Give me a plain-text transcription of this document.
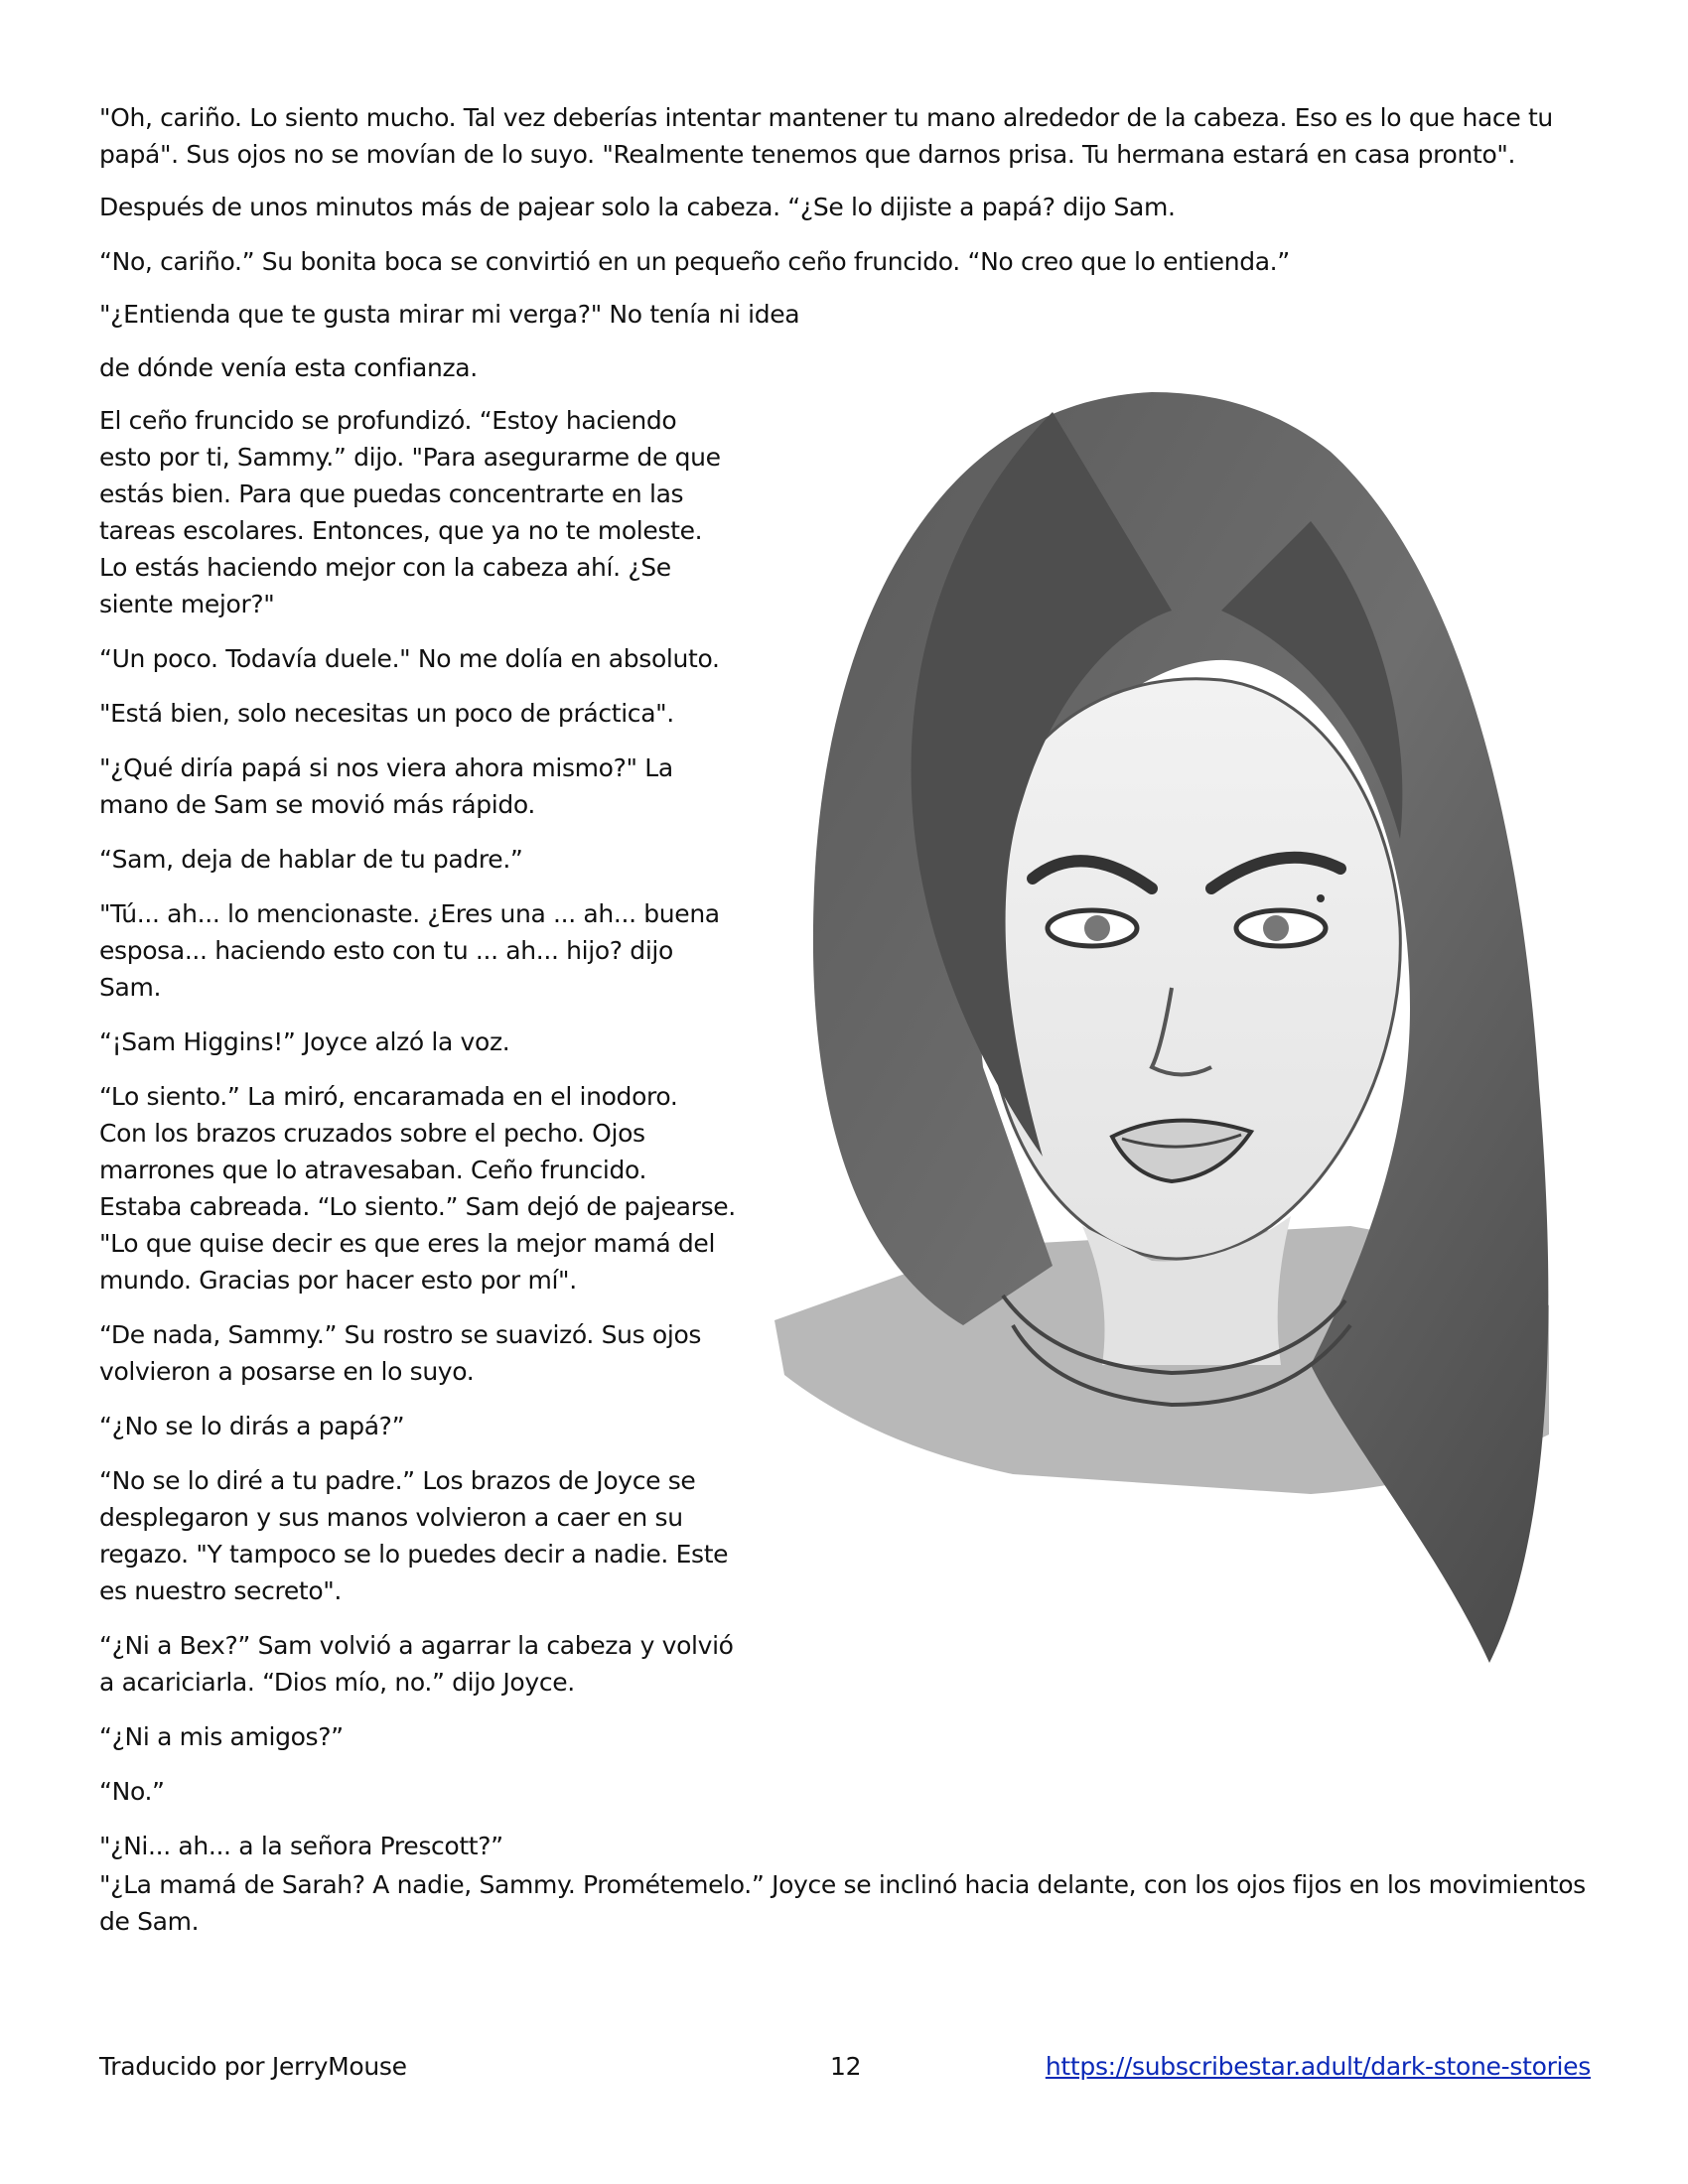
"Oh, cariño. Lo siento mucho. Tal vez deberías intentar mantener tu mano alrededor de la cabeza. Eso es lo que hace tu papá". Sus ojos no se movían de lo suyo. "Realmente tenemos que darnos prisa. Tu hermana estará en casa pronto".

Después de unos minutos más de pajear solo la cabeza. “¿Se lo dijiste a papá? dijo Sam.

“No, cariño.” Su bonita boca se convirtió en un pequeño ceño fruncido. “No creo que lo entienda.”

"¿Entienda que te gusta mirar mi verga?" No tenía ni idea

de dónde venía esta confianza.

El ceño fruncido se profundizó. “Estoy haciendo
esto por ti, Sammy.” dijo. "Para asegurarme de que
estás bien. Para que puedas concentrarte en las
tareas escolares. Entonces, que ya no te moleste.
Lo estás haciendo mejor con la cabeza ahí. ¿Se
siente mejor?"
“Un poco. Todavía duele." No me dolía en absoluto.
"Está bien, solo necesitas un poco de práctica".
"¿Qué diría papá si nos viera ahora mismo?" La
mano de Sam se movió más rápido.
“Sam, deja de hablar de tu padre.”
"Tú... ah... lo mencionaste. ¿Eres una ... ah... buena
esposa... haciendo esto con tu ... ah... hijo? dijo
Sam.
“¡Sam Higgins!” Joyce alzó la voz.
“Lo siento.” La miró, encaramada en el inodoro.
Con los brazos cruzados sobre el pecho. Ojos
marrones que lo atravesaban. Ceño fruncido.
Estaba cabreada. “Lo siento.” Sam dejó de pajearse.
"Lo que quise decir es que eres la mejor mamá del
mundo. Gracias por hacer esto por mí".
“De nada, Sammy.” Su rostro se suavizó. Sus ojos
volvieron a posarse en lo suyo.
“¿No se lo dirás a papá?”
“No se lo diré a tu padre.” Los brazos de Joyce se
desplegaron y sus manos volvieron a caer en su
regazo. "Y tampoco se lo puedes decir a nadie. Este
es nuestro secreto".
“¿Ni a Bex?” Sam volvió a agarrar la cabeza y volvió
a acariciarla. “Dios mío, no.” dijo Joyce.
“¿Ni a mis amigos?”
“No.”
"¿Ni... ah... a la señora Prescott?”

"¿La mamá de Sarah? A nadie, Sammy. Prométemelo.” Joyce se inclinó hacia delante, con los ojos fijos en los movimientos de Sam.

Traducido por JerryMouse	12	https://subscribestar.adult/dark-stone-stories
